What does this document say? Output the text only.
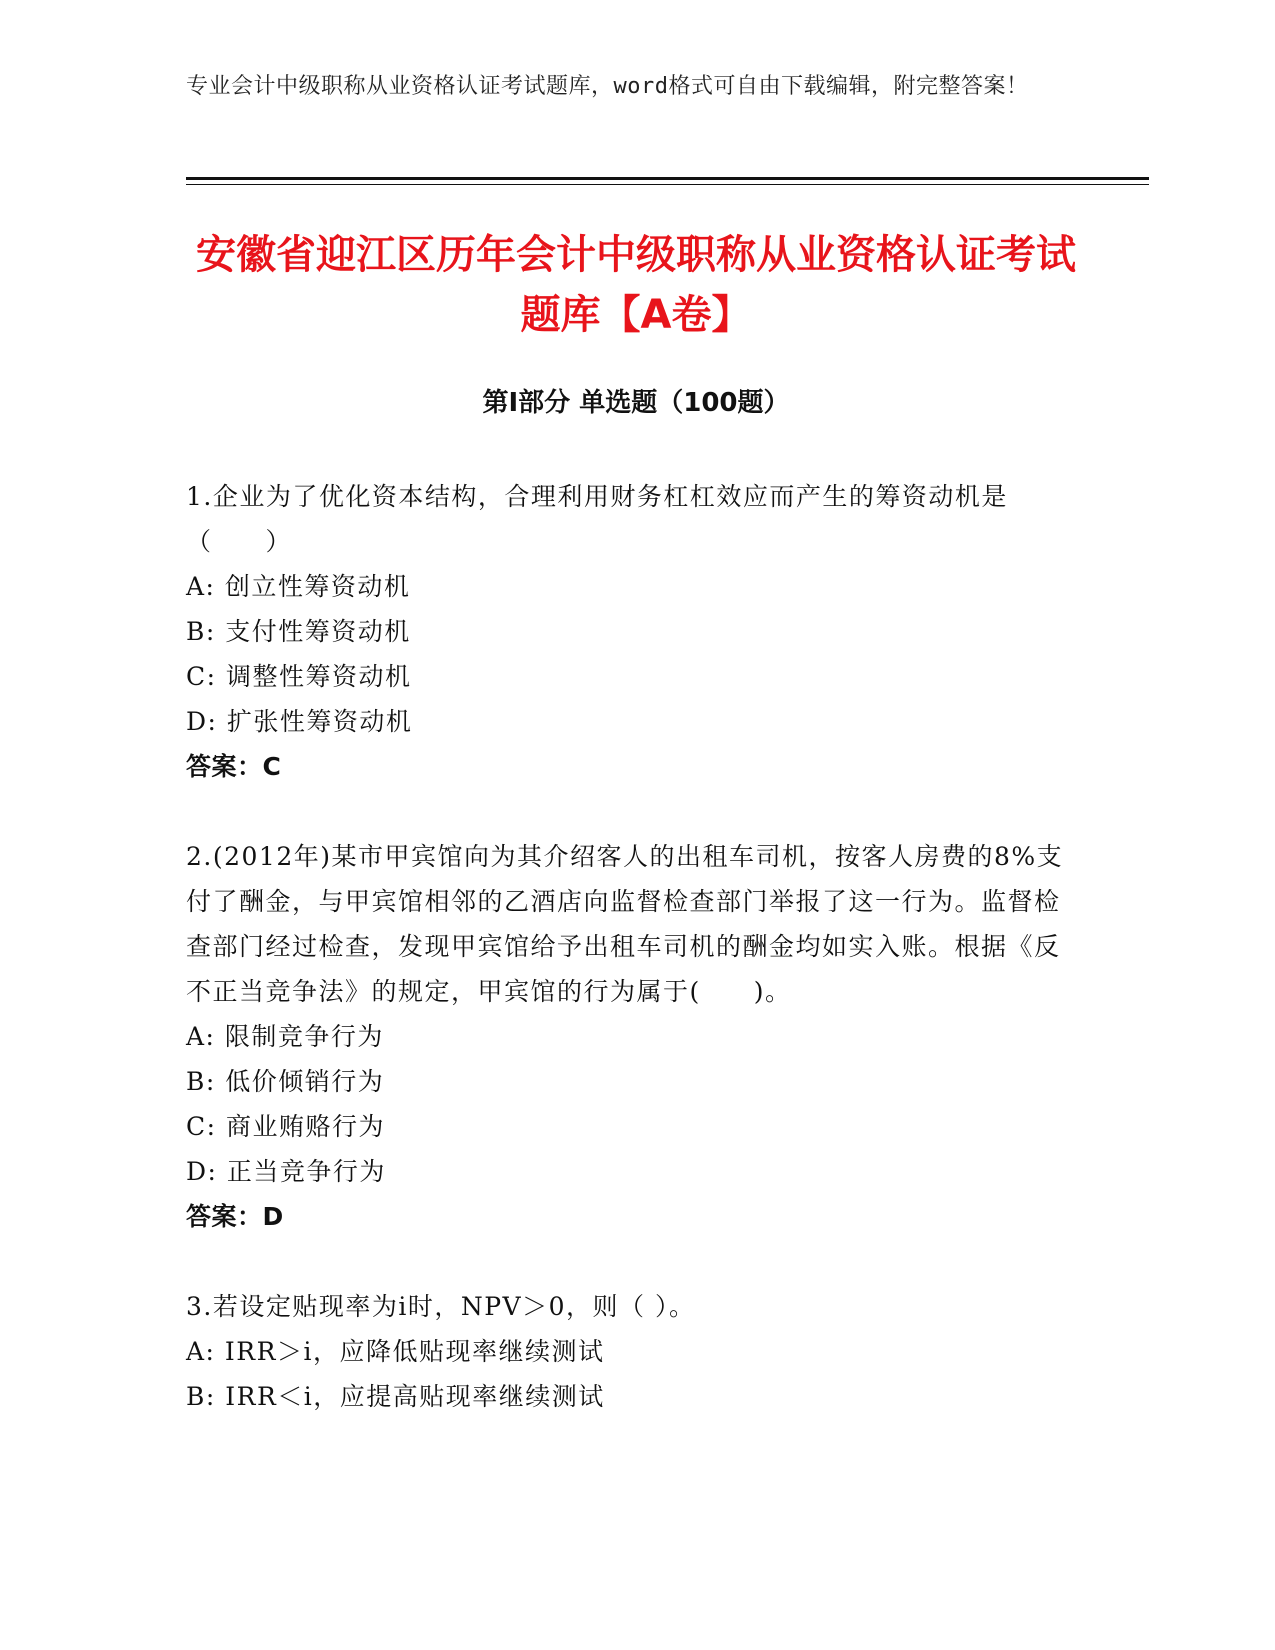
专业会计中级职称从业资格认证考试题库，word格式可自由下载编辑，附完整答案！
安徽省迎江区历年会计中级职称从业资格认证考试题库【A卷】
第Ⅰ部分 单选题（100题）

1.企业为了优化资本结构，合理利用财务杠杠效应而产生的筹资动机是（　　）

A: 创立性筹资动机

B: 支付性筹资动机

C: 调整性筹资动机

D: 扩张性筹资动机

答案：C

2.(2012年)某市甲宾馆向为其介绍客人的出租车司机，按客人房费的8%支付了酬金，与甲宾馆相邻的乙酒店向监督检查部门举报了这一行为。监督检查部门经过检查，发现甲宾馆给予出租车司机的酬金均如实入账。根据《反不正当竞争法》的规定，甲宾馆的行为属于(　　)。

A: 限制竞争行为

B: 低价倾销行为

C: 商业贿赂行为

D: 正当竞争行为

答案：D

3.若设定贴现率为i时，NPV＞0，则（ ）。

A: IRR＞i，应降低贴现率继续测试

B: IRR＜i，应提高贴现率继续测试
